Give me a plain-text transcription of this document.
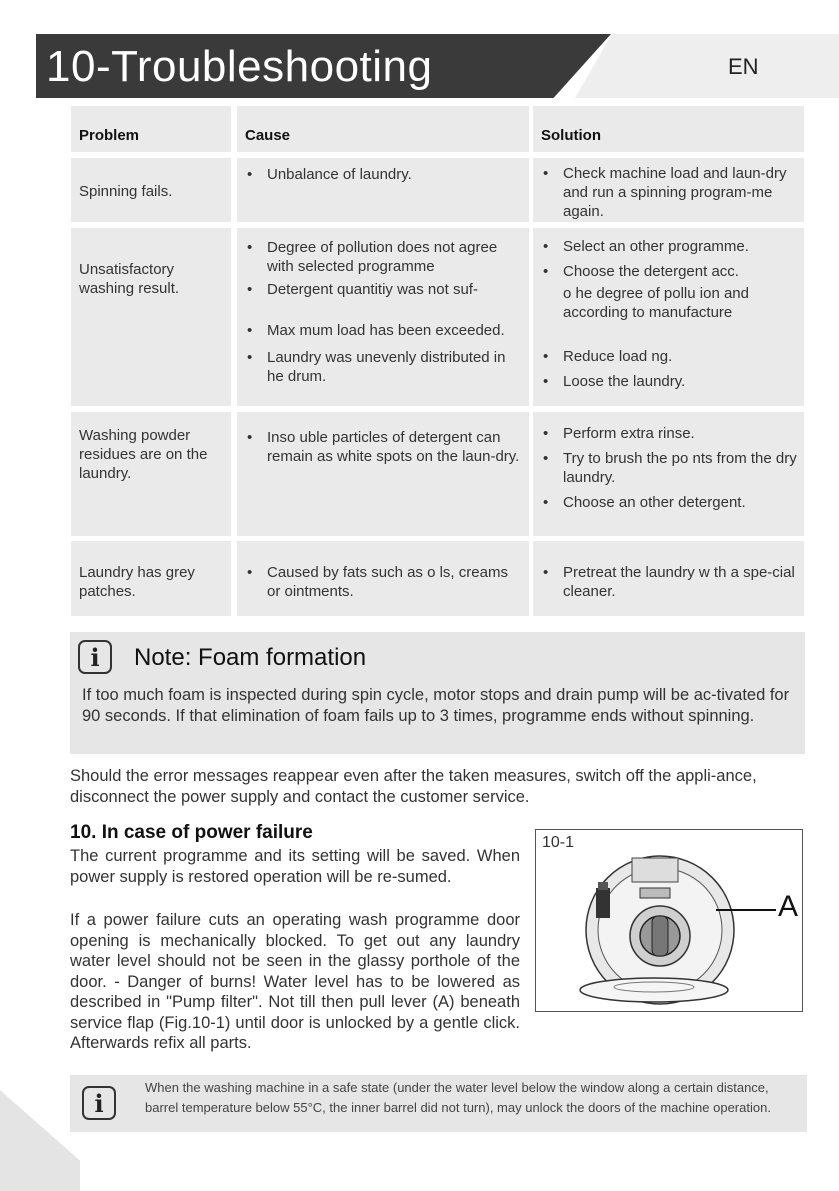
10-Troubleshooting	EN
Problem	Cause	Solution
Spinning fails.
• Unbalance of laundry.
•	Check machine load and laun-dry and run a spinning program-me again.
Unsatisfactory washing result.
• Degree of pollution does not agree with selected programme
• Detergent quantitiy was not suf-
• Max mum load has been exceeded.
• Laundry was unevenly distributed in he drum.
• Select an other programme.
• Choose the detergent acc.
o he degree of pollu ion and according to manufacture
• Reduce load ng.
• Loose the laundry.
Washing powder residues are on the laundry.
• Inso uble particles of detergent can remain as white spots on the laun-dry.
• Perform extra rinse.
• Try to brush the po nts from the dry laundry.
• Choose an other detergent.
Laundry has grey patches.
• Caused by fats such as o ls, creams or ointments.
• Pretreat the laundry w th a spe-cial cleaner.
i	Note: Foam formation
If too much foam is inspected during spin cycle, motor stops and drain pump will be ac-tivated for 90 seconds. If that elimination of foam fails up to 3 times, programme ends without spinning.
Should the error messages reappear even after the taken measures, switch off the appli-ance, disconnect the power supply and contact the customer service.
10. In case of power failure
The current programme and its setting will be saved. When power supply is restored operation will be re-sumed.
If a power failure cuts an operating wash programme door opening is mechanically blocked. To get out any laundry water level should not be seen in the glassy porthole of the door. - Danger of burns! Water level has to be lowered as described in "Pump filter". Not till then pull lever (A) beneath service flap (Fig.10-1) until door is unlocked by a gentle click. Afterwards refix all parts.
10-1
A
i
When the washing machine in a safe state (under the water level below the window along a certain distance, barrel temperature below 55°C, the inner barrel did not turn), may unlock the doors of the machine operation.
